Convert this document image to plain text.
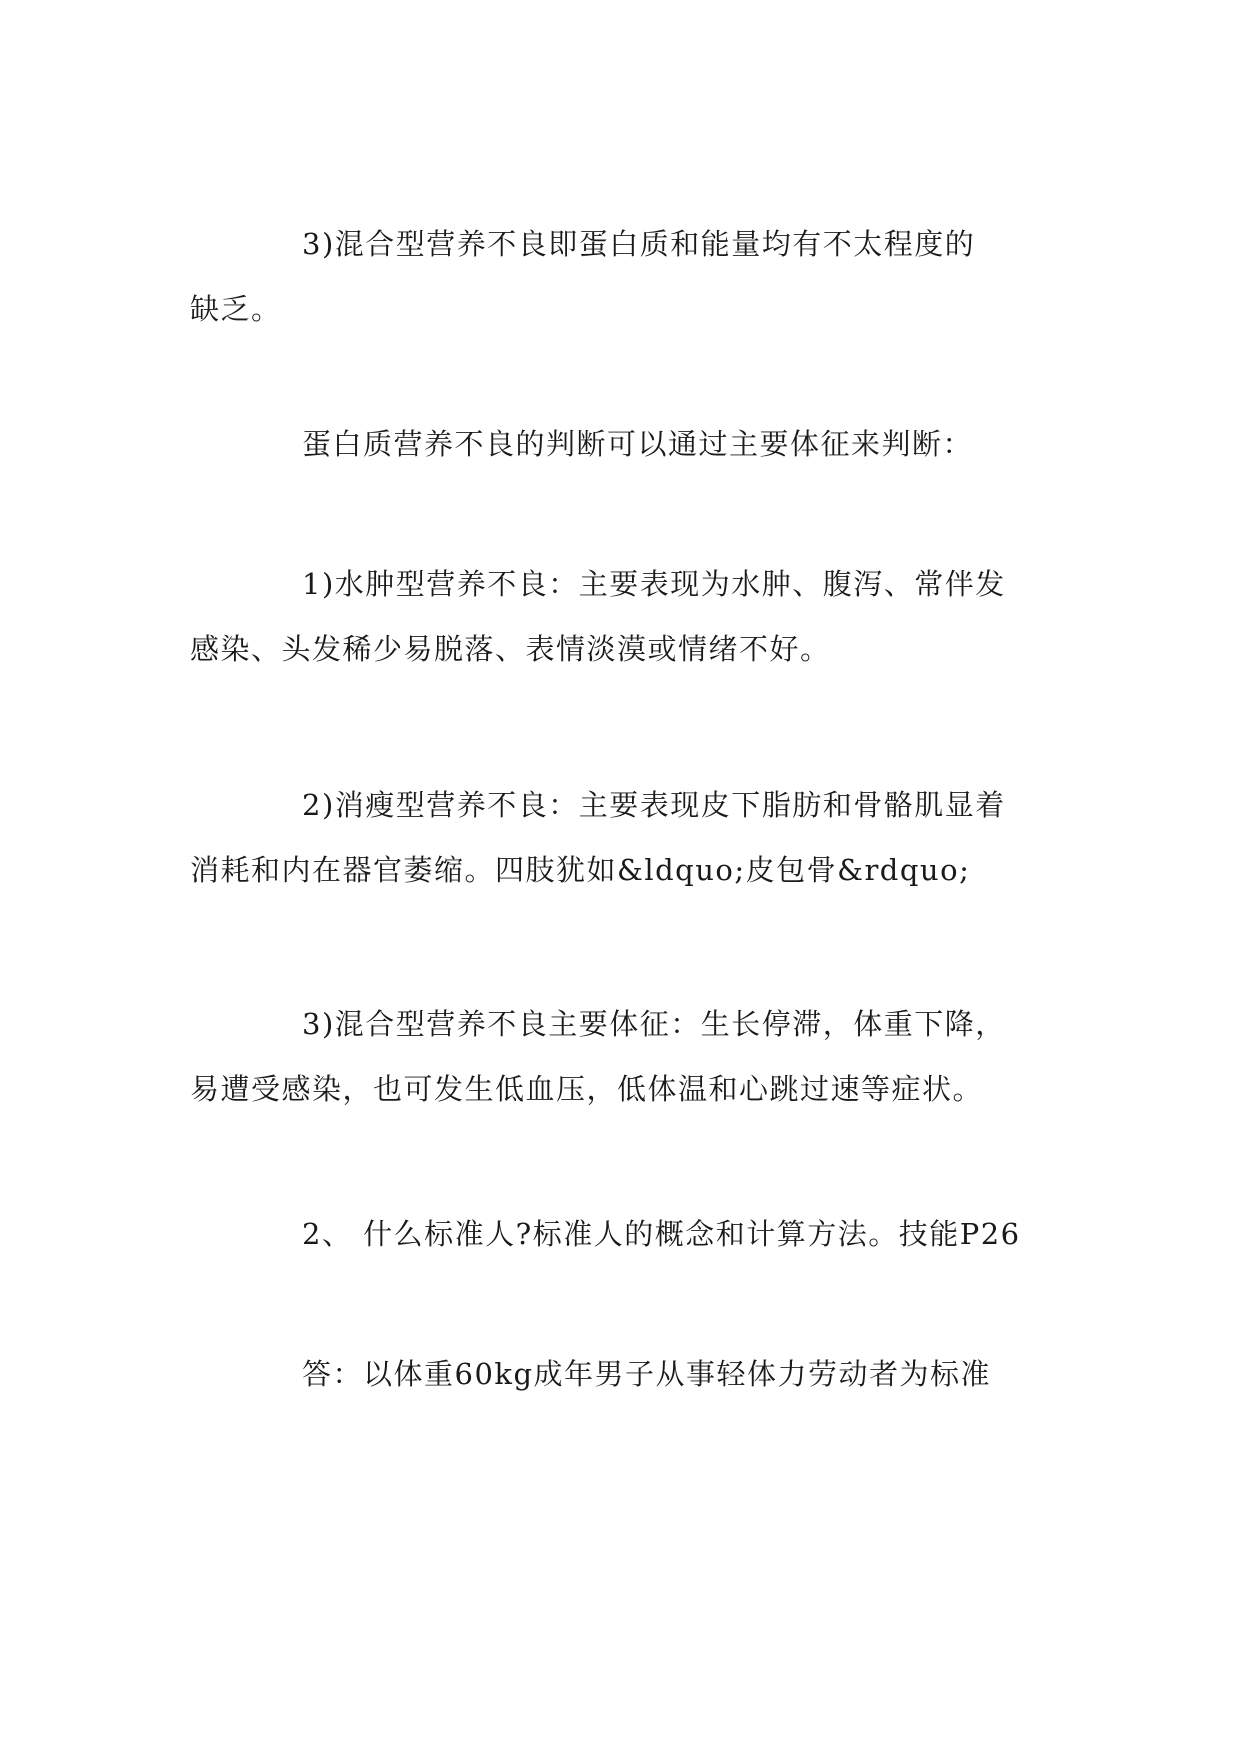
3)混合型营养不良即蛋白质和能量均有不太程度的
缺乏。
蛋白质营养不良的判断可以通过主要体征来判断：
1)水肿型营养不良：主要表现为水肿、腹泻、常伴发
感染、头发稀少易脱落、表情淡漠或情绪不好。
2)消瘦型营养不良：主要表现皮下脂肪和骨骼肌显着
消耗和内在器官萎缩。四肢犹如&ldquo;皮包骨&rdquo;
3)混合型营养不良主要体征：生长停滞，体重下降，
易遭受感染，也可发生低血压，低体温和心跳过速等症状。
2、 什么标准人?标准人的概念和计算方法。技能P26
答：以体重60kg成年男子从事轻体力劳动者为标准
